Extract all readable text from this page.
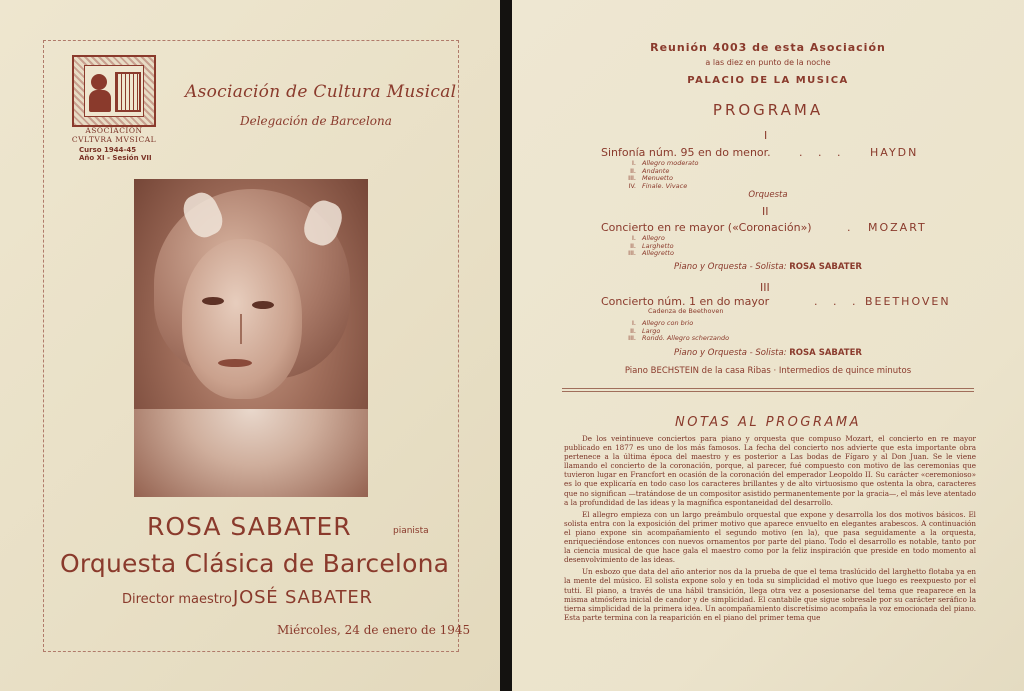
ASOCIACIÓN CVLTVRA MVSICAL
Curso 1944-45
Año XI - Sesión VII
Asociación de Cultura Musical
Delegación de Barcelona
ROSA SABATER	pianista
Orquesta Clásica de Barcelona
Director maestro JOSÉ SABATER
Miércoles, 24 de enero de 1945
Reunión 4003 de esta Asociación
a las diez en punto de la noche
PALACIO DE LA MUSICA
PROGRAMA
I
Sinfonía núm. 95 en do menor.	. . . HAYDN
I. Allegro moderato
II. Andante
III. Menuetto
IV. Finale. Vivace
Orquesta
II
Concierto en re mayor («Coronación»)	. MOZART
I. Allegro
II. Larghetto
III. Allegretto
Piano y Orquesta - Solista: ROSA SABATER
III
Concierto núm. 1 en do mayor	. . . BEETHOVEN
Cadenza de Beethoven
I. Allegro con brio
II. Largo
III. Rondó. Allegro scherzando
Piano y Orquesta - Solista: ROSA SABATER
Piano BECHSTEIN de la casa Ribas · Intermedios de quince minutos
NOTAS AL PROGRAMA

De los veintinueve conciertos para piano y orquesta que compuso Mozart, el concierto en re mayor publicado en 1877 es uno de los más famosos. La fecha del concierto nos advierte que esta importante obra pertenece a la última época del maestro y es posterior a Las bodas de Fígaro y al Don Juan. Se le viene llamando el concierto de la coronación, porque, al parecer, fué compuesto con motivo de las ceremonias que tuvieron lugar en Francfort en ocasión de la coronación del emperador Leopoldo II. Su carácter «ceremonioso» es lo que explicaría en todo caso los caracteres brillantes y de alto virtuosismo que ostenta la obra, caracteres que no significan —tratándose de un compositor asistido permanentemente por la gracia—, el más leve atentado a la profundidad de las ideas y la magnífica espontaneidad del desarrollo.

El allegro empieza con un largo preámbulo orquestal que expone y desarrolla los dos motivos básicos. El solista entra con la exposición del primer motivo que aparece envuelto en elegantes arabescos. A continuación el piano expone sin acompañamiento el segundo motivo (en la), que pasa seguidamente a la orquesta, enriqueciéndose entonces con nuevos ornamentos por parte del piano. Todo el desarrollo es notable, tanto por la ciencia musical de que hace gala el maestro como por la feliz inspiración que preside en todo momento al desenvolvimiento de las ideas.

Un esbozo que data del año anterior nos da la prueba de que el tema traslúcido del larghetto flotaba ya en la mente del músico. El solista expone solo y en toda su simplicidad el motivo que luego es reexpuesto por el tutti. El piano, a través de una hábil transición, llega otra vez a posesionarse del tema que reaparece en la misma atmósfera inicial de candor y de simplicidad. El cantabile que sigue sobresale por su carácter seráfico la tierna simplicidad de la primera idea. Un acompañamiento discretísimo acompaña la voz emocionada del piano. Esta parte termina con la reaparición en el piano del primer tema que
